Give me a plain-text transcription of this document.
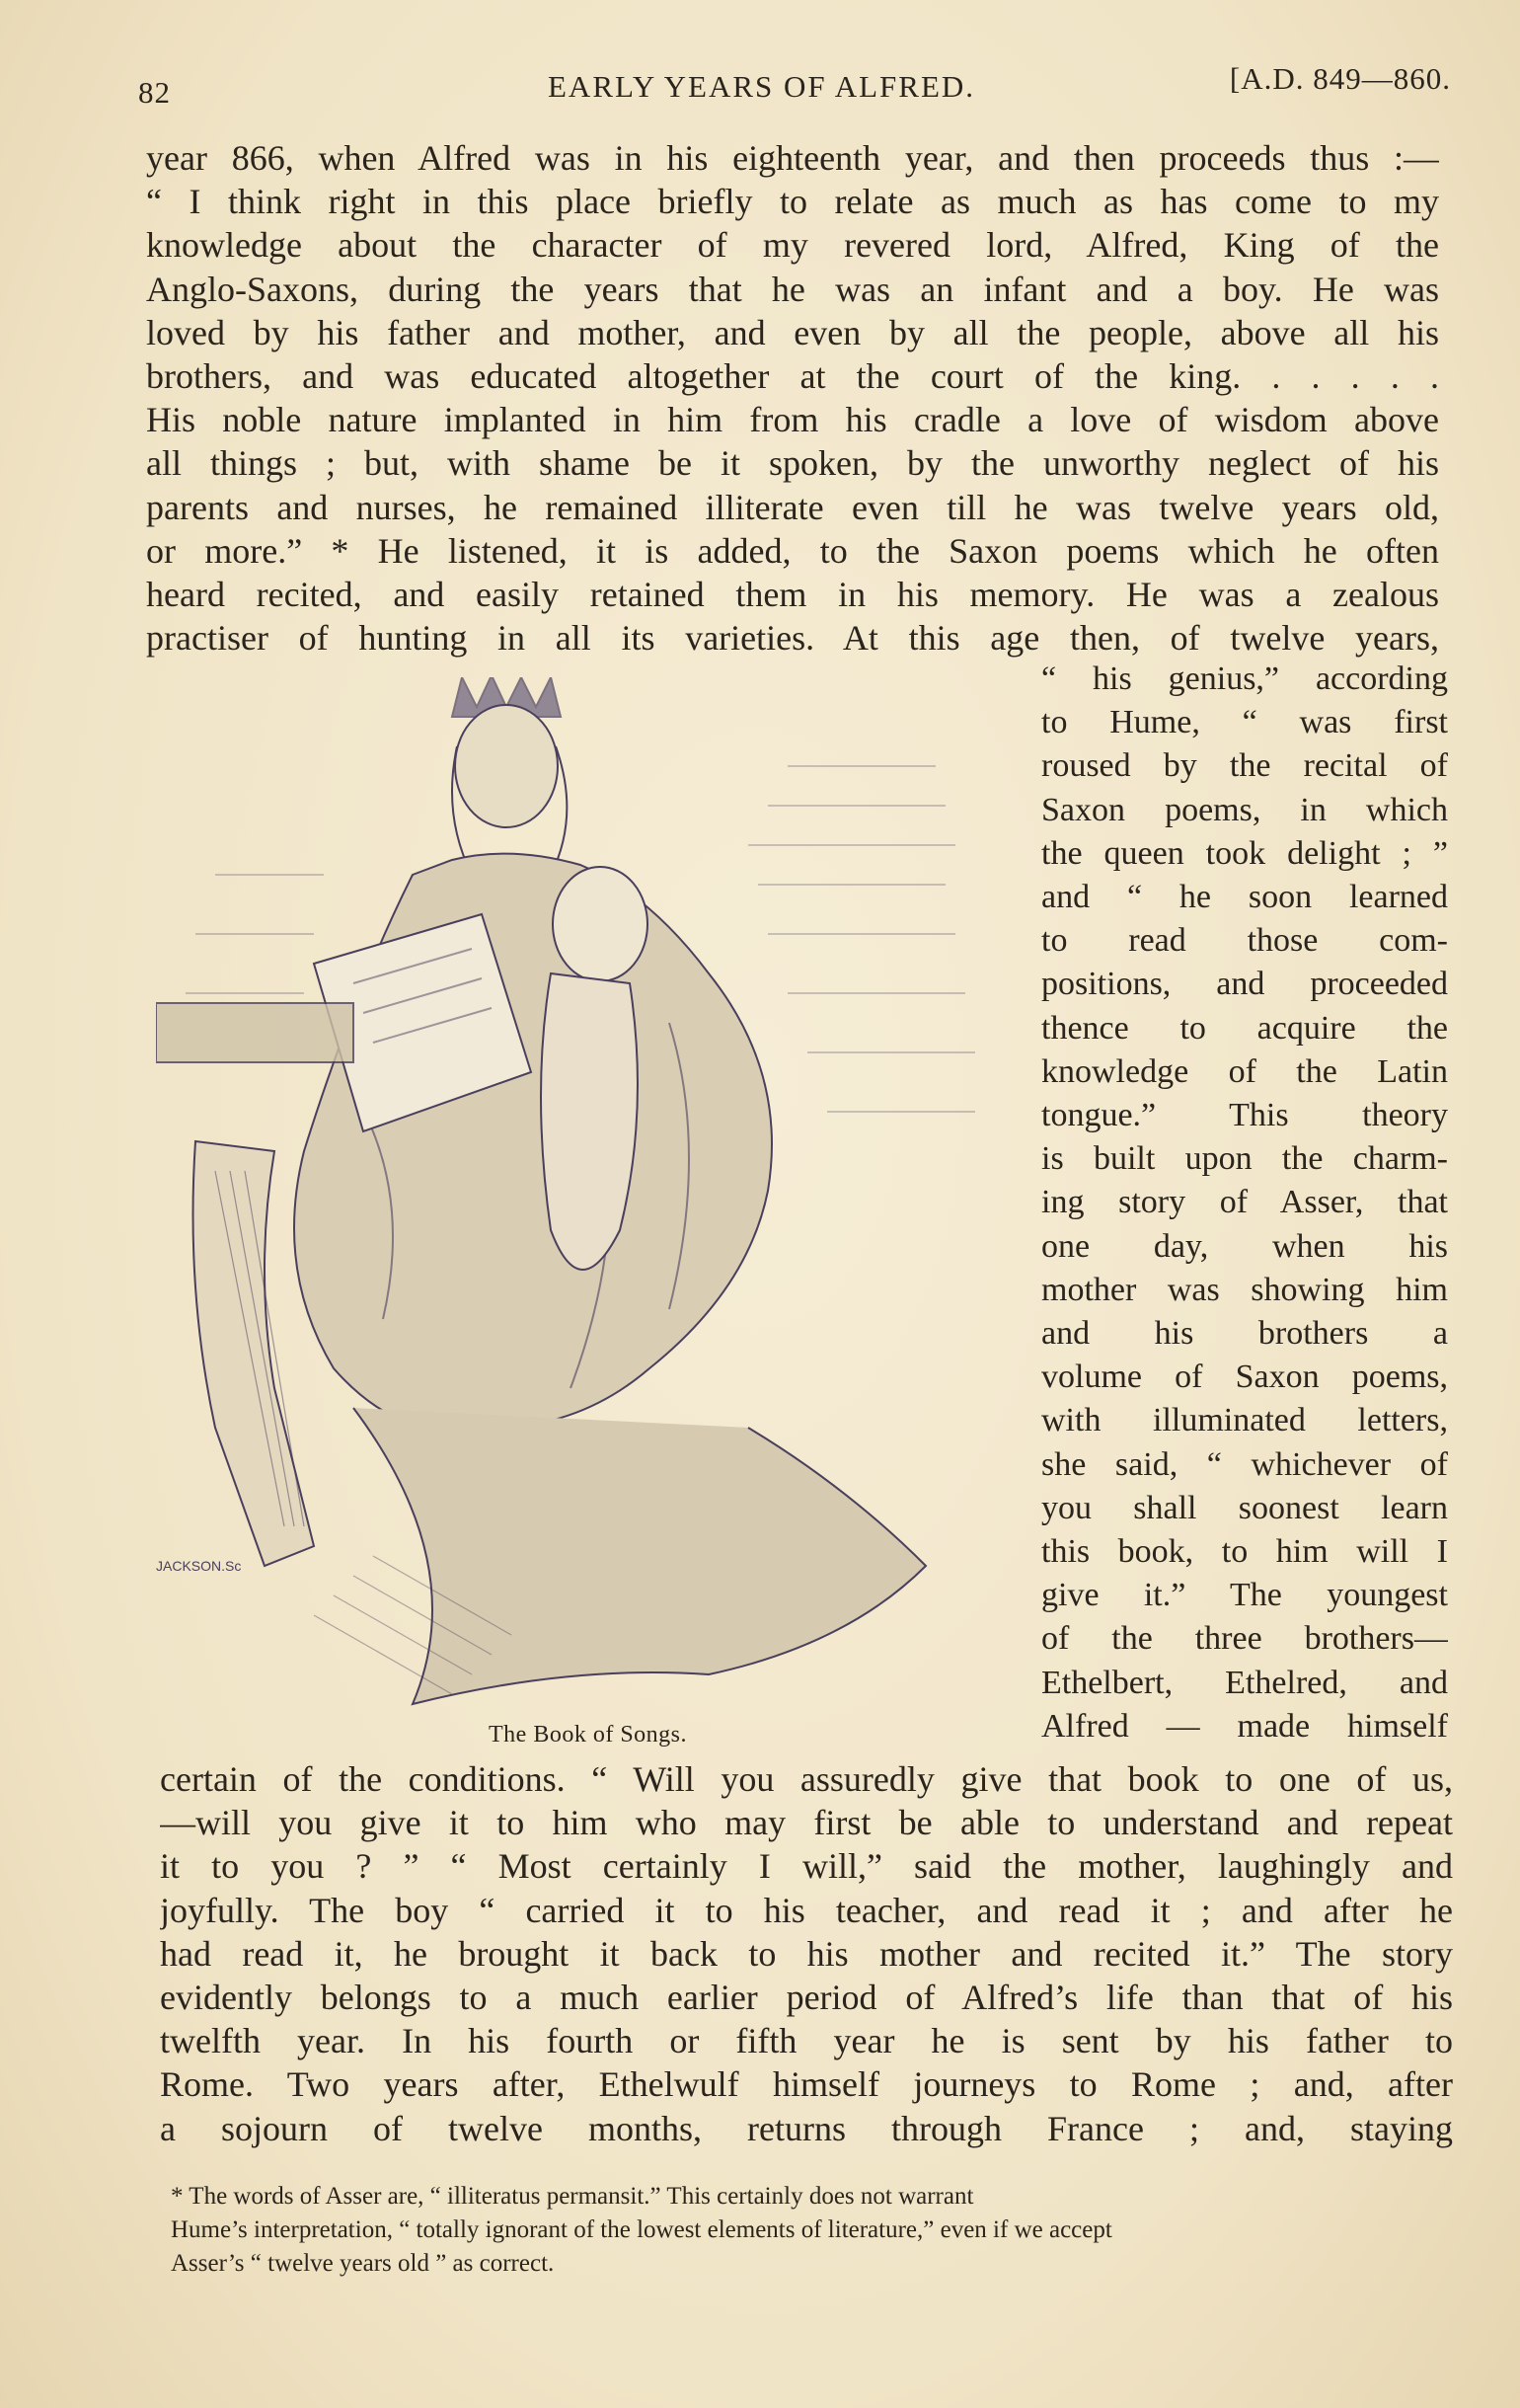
82	EARLY YEARS OF ALFRED.	[A.D. 849—860.
year 866, when Alfred was in his eighteenth year, and then proceeds thus :—
“ I think right in this place briefly to relate as much as has come to my
knowledge about the character of my revered lord, Alfred, King of the
Anglo-Saxons, during the years that he was an infant and a boy. He was
loved by his father and mother, and even by all the people, above all his
brothers, and was educated altogether at the court of the king. . . . . .
His noble nature implanted in him from his cradle a love of wisdom above
all things ; but, with shame be it spoken, by the unworthy neglect of his
parents and nurses, he remained illiterate even till he was twelve years old,
or more.” * He listened, it is added, to the Saxon poems which he often
heard recited, and easily retained them in his memory. He was a zealous
practiser of hunting in all its varieties. At this age then, of twelve years,
JACKSON.Sc
The Book of Songs.
“ his genius,” according
to Hume, “ was first
roused by the recital of
Saxon poems, in which
the queen took delight ; ”
and “ he soon learned
to read those com-
positions, and proceeded
thence to acquire the
knowledge of the Latin
tongue.” This theory
is built upon the charm-
ing story of Asser, that
one day, when his
mother was showing him
and his brothers a
volume of Saxon poems,
with illuminated letters,
she said, “ whichever of
you shall soonest learn
this book, to him will I
give it.” The youngest
of the three brothers—
Ethelbert, Ethelred, and
Alfred — made himself
certain of the conditions. “ Will you assuredly give that book to one of us,
—will you give it to him who may first be able to understand and repeat
it to you ? ” “ Most certainly I will,” said the mother, laughingly and
joyfully. The boy “ carried it to his teacher, and read it ; and after he
had read it, he brought it back to his mother and recited it.” The story
evidently belongs to a much earlier period of Alfred’s life than that of his
twelfth year. In his fourth or fifth year he is sent by his father to
Rome. Two years after, Ethelwulf himself journeys to Rome ; and, after
a sojourn of twelve months, returns through France ; and, staying
* The words of Asser are, “ illiteratus permansit.” This certainly does not warrant
Hume’s interpretation, “ totally ignorant of the lowest elements of literature,” even if we accept
Asser’s “ twelve years old ” as correct.
